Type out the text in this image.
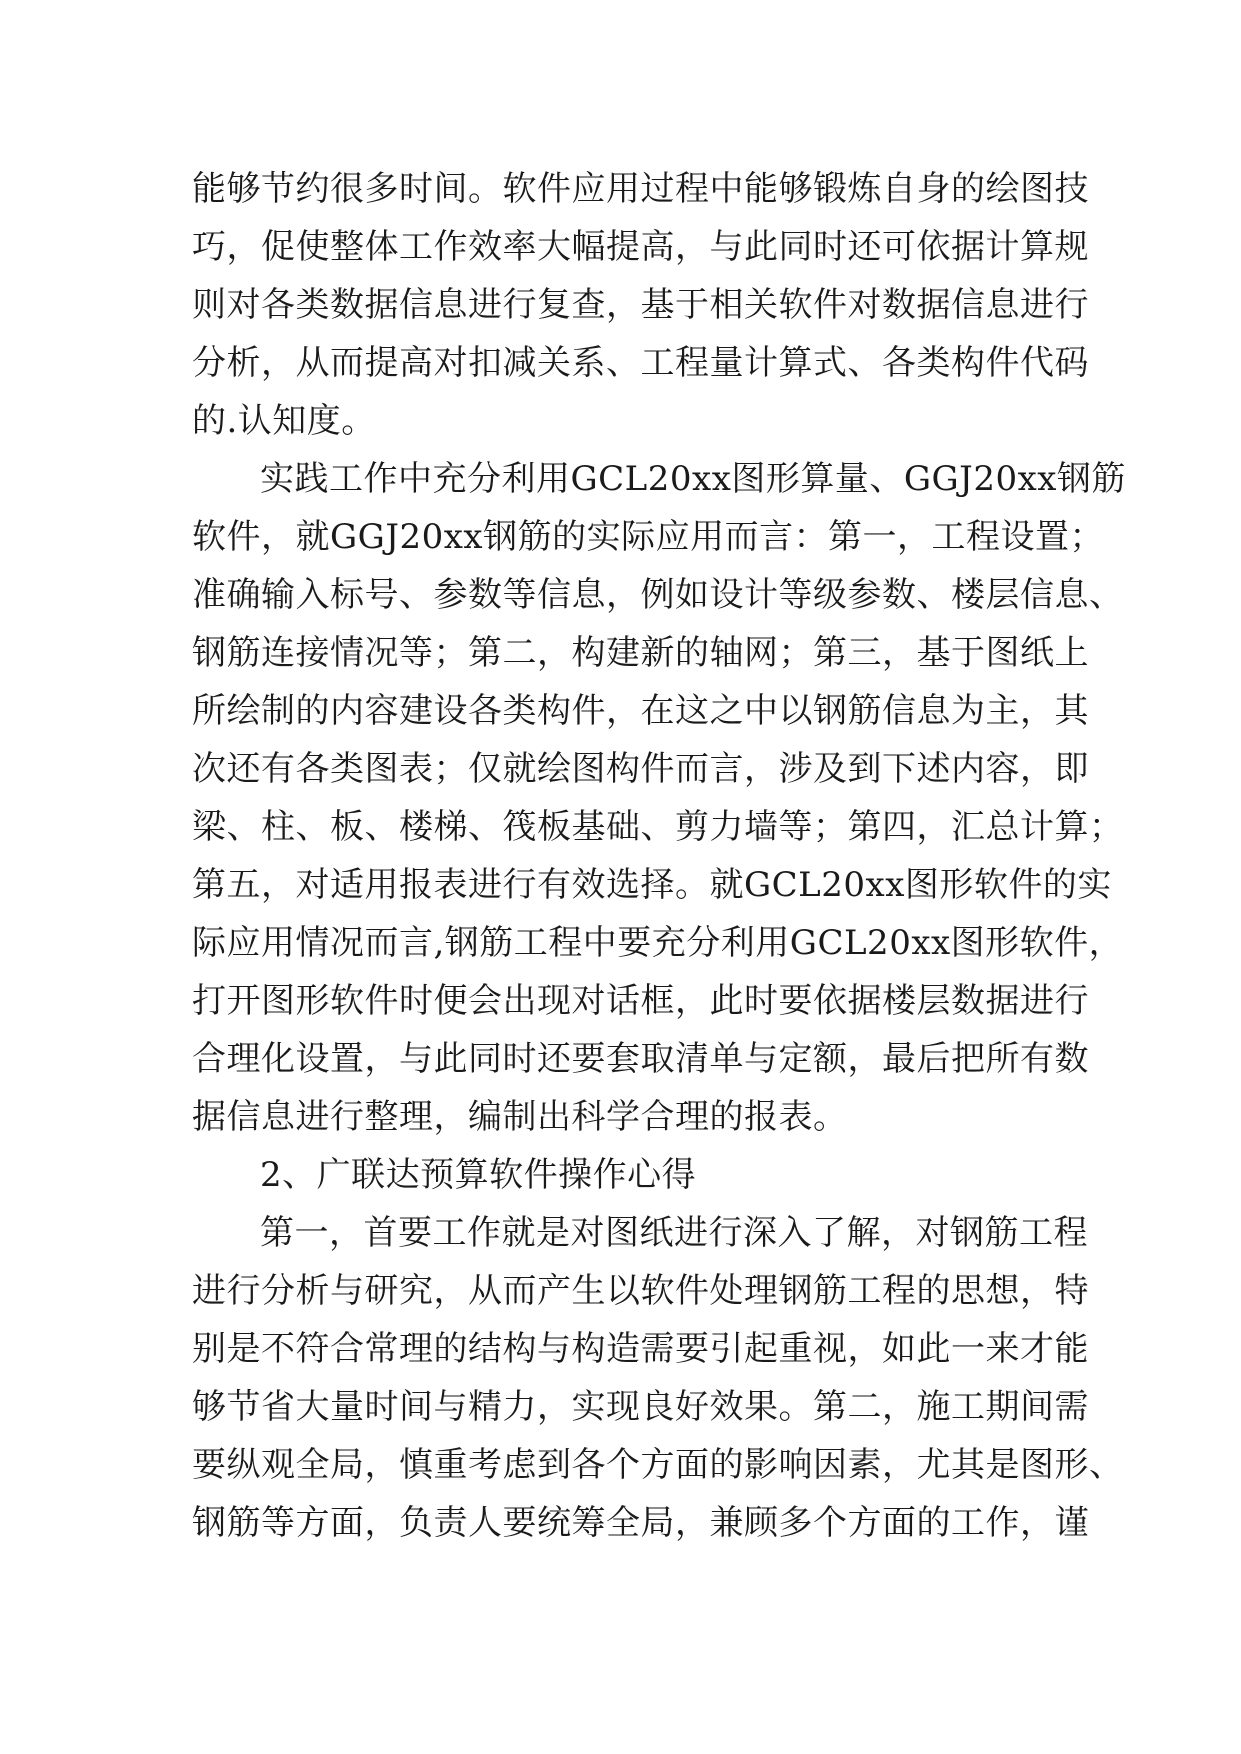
能够节约很多时间。软件应用过程中能够锻炼自身的绘图技
巧，促使整体工作效率大幅提高，与此同时还可依据计算规
则对各类数据信息进行复查，基于相关软件对数据信息进行
分析，从而提高对扣减关系、工程量计算式、各类构件代码
的.认知度。
实践工作中充分利用GCL20xx图形算量、GGJ20xx钢筋
软件，就GGJ20xx钢筋的实际应用而言：第一，工程设置；
准确输入标号、参数等信息，例如设计等级参数、楼层信息、
钢筋连接情况等；第二，构建新的轴网；第三，基于图纸上
所绘制的内容建设各类构件，在这之中以钢筋信息为主，其
次还有各类图表；仅就绘图构件而言，涉及到下述内容，即
梁、柱、板、楼梯、筏板基础、剪力墙等；第四，汇总计算；
第五，对适用报表进行有效选择。就GCL20xx图形软件的实
际应用情况而言,钢筋工程中要充分利用GCL20xx图形软件，
打开图形软件时便会出现对话框，此时要依据楼层数据进行
合理化设置，与此同时还要套取清单与定额，最后把所有数
据信息进行整理，编制出科学合理的报表。
2、广联达预算软件操作心得
第一，首要工作就是对图纸进行深入了解，对钢筋工程
进行分析与研究，从而产生以软件处理钢筋工程的思想，特
别是不符合常理的结构与构造需要引起重视，如此一来才能
够节省大量时间与精力，实现良好效果。第二，施工期间需
要纵观全局，慎重考虑到各个方面的影响因素，尤其是图形、
钢筋等方面，负责人要统筹全局，兼顾多个方面的工作，谨
